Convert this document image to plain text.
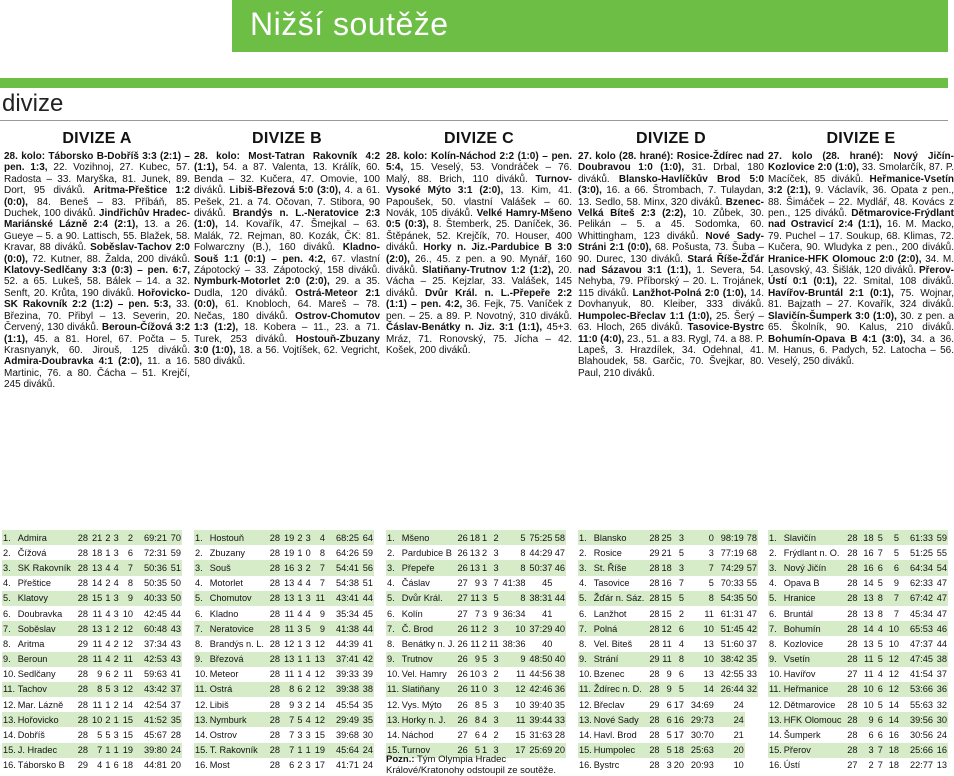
Nižší soutěže
divize
DIVIZE A
28. kolo: Táborsko B-Dobříš 3:3 (2:1) – pen. 1:3, 22. Vozihnoj, 27. Kubec, 57. Radosta – 33. Maryška, 81. Junek, 89. Dort, 95 diváků. Aritma-Přeštice 1:2 (0:0), 84. Beneš – 83. Příbáň, 85. Duchek, 100 diváků. Jindřichův Hradec-Mariánské Lázně 2:4 (2:1), 13. a 26. Gueye – 5. a 90. Lattisch, 55. Blažek, 58. Kravar, 88 diváků. Soběslav-Tachov 2:0 (0:0), 72. Kutner, 88. Žalda, 200 diváků. Klatovy-Sedlčany 3:3 (0:3) – pen. 6:7, 52. a 65. Lukeš, 58. Bálek – 14. a 32. Senft, 20. Krůta, 190 diváků. Hořovicko-SK Rakovník 2:2 (1:2) – pen. 5:3, 33. Březina, 70. Přibyl – 13. Severin, 20. Červený, 130 diváků. Beroun-Čížová 3:2 (1:1), 45. a 81. Horel, 67. Počta – 5. Krasnyanyk, 60. Jirouš, 125 diváků. Admira-Doubravka 4:1 (2:0), 11. a 16. Martinic, 76. a 80. Čácha – 51. Krejčí, 245 diváků.
DIVIZE B
28. kolo: Most-Tatran Rakovník 4:2 (1:1), 54. a 87. Valenta, 13. Králík, 60. Benda – 32. Kučera, 47. Omovie, 100 diváků. Libiš-Březová 5:0 (3:0), 4. a 61. Pešek, 21. a 74. Očovan, 7. Stibora, 90 diváků. Brandýs n. L.-Neratovice 2:3 (1:0), 14. Kovařík, 47. Šmejkal – 63. Malák, 72. Rejman, 80. Kozák, ČK: 81. Folwarczny (B.), 160 diváků. Kladno-Souš 1:1 (0:1) – pen. 4:2, 67. vlastní Zápotocký – 33. Zápotocký, 158 diváků. Nymburk-Motorlet 2:0 (2:0), 29. a 35. Dudla, 120 diváků. Ostrá-Meteor 2:1 (0:0), 61. Knobloch, 64. Mareš – 78. Nečas, 180 diváků. Ostrov-Chomutov 1:3 (1:2), 18. Kobera – 11., 23. a 71. Turek, 253 diváků. Hostouň-Zbuzany 3:0 (1:0), 18. a 56. Vojtíšek, 62. Vegricht, 580 diváků.
DIVIZE C
28. kolo: Kolín-Náchod 2:2 (1:0) – pen. 5:4, 15. Veselý, 53. Vondráček – 76. Malý, 88. Brich, 110 diváků. Turnov-Vysoké Mýto 3:1 (2:0), 13. Kim, 41. Papoušek, 50. vlastní Valášek – 60. Novák, 105 diváků. Velké Hamry-Mšeno 0:5 (0:3), 8. Štemberk, 25. Daníček, 36. Štěpánek, 52. Krejčík, 70. Houser, 400 diváků. Horky n. Jiz.-Pardubice B 3:0 (2:0), 26., 45. z pen. a 90. Mynář, 160 diváků. Slatiňany-Trutnov 1:2 (1:2), 20. Vácha – 25. Kejzlar, 33. Valášek, 145 diváků. Dvůr Král. n. L.-Přepeře 2:2 (1:1) – pen. 4:2, 36. Fejk, 75. Vaníček z pen. – 25. a 89. P. Novotný, 310 diváků. Čáslav-Benátky n. Jiz. 3:1 (1:1), 45+3. Mráz, 71. Ronovský, 75. Jícha – 42. Košek, 200 diváků.
DIVIZE D
27. kolo (28. hrané): Rosice-Ždírec nad Doubravou 1:0 (1:0), 31. Drbal, 180 diváků. Blansko-Havlíčkův Brod 5:0 (3:0), 16. a 66. Štrombach, 7. Tulaydan, 13. Sedlo, 58. Minx, 320 diváků. Bzenec-Velká Bíteš 2:3 (2:2), 10. Zůbek, 30. Pelikán – 5. a 45. Sodomka, 60. Whittingham, 123 diváků. Nové Sady-Stráni 2:1 (0:0), 68. Pošusta, 73. Šuba – 90. Durec, 130 diváků. Stará Říše-Žďár nad Sázavou 3:1 (1:1), 1. Severa, 54. Nehyba, 79. Příborský – 20. L. Trojánek, 115 diváků. Lanžhot-Polná 2:0 (1:0), 14. Dovhanyuk, 80. Kleiber, 333 diváků. Humpolec-Břeclav 1:1 (1:0), 25. Šerý – 63. Hloch, 265 diváků. Tasovice-Bystrc 11:0 (4:0), 23., 51. a 83. Rygl, 74. a 88. P. Lapeš, 3. Hrazdílek, 34. Odehnal, 41. Blahoudek, 58. Garčic, 70. Švejkar, 80. Paul, 210 diváků.
DIVIZE E
27. kolo (28. hrané): Nový Jičín-Kozlovice 2:0 (1:0), 33. Smolarčík, 87. P. Macíček, 85 diváků. Heřmanice-Vsetín 3:2 (2:1), 9. Václavík, 36. Opata z pen., 88. Šimáček – 22. Mydlář, 48. Kovács z pen., 125 diváků. Dětmarovice-Frýdlant nad Ostravicí 2:4 (1:1), 16. M. Macko, 79. Puchel – 17. Soukup, 68. Klimas, 72. Kučera, 90. Wludyka z pen., 200 diváků. Hranice-HFK Olomouc 2:0 (2:0), 34. M. Lasovský, 43. Šišlák, 120 diváků. Přerov-Ústí 0:1 (0:1), 22. Smital, 108 diváků. Havířov-Bruntál 2:1 (0:1), 75. Wojnar, 81. Bajzath – 27. Kovařík, 324 diváků. Slavičín-Šumperk 3:0 (1:0), 30. z pen. a 65. Školník, 90. Kalus, 210 diváků. Bohumín-Opava B 4:1 (3:0), 34. a 36. M. Hanus, 6. Padych, 52. Latocha – 56. Veselý, 250 diváků.
1.	Admira	28	21	2	3	2	69:21	70
2.	Čížová	28	18	1	3	6	72:31	59
3.	SK Rakovník	28	13	4	4	7	50:36	51
4.	Přeštice	28	14	2	4	8	50:35	50
5.	Klatovy	28	15	1	3	9	40:33	50
6.	Doubravka	28	11	4	3	10	42:45	44
7.	Soběslav	28	13	1	2	12	60:48	43
8.	Aritma	29	11	4	2	12	37:34	43
9.	Beroun	28	11	4	2	11	42:53	43
10.	Sedlčany	28	9	6	2	11	59:63	41
11.	Tachov	28	8	5	3	12	43:42	37
12.	Mar. Lázně	28	11	1	2	14	42:54	37
13.	Hořovicko	28	10	2	1	15	41:52	35
14.	Dobříš	28	5	5	3	15	45:67	28
15.	J. Hradec	28	7	1	1	19	39:80	24
16.	Táborsko B	29	4	1	6	18	44:81	20
1.	Hostouň	28	19	2	3	4	68:25	64
2.	Zbuzany	28	19	1	0	8	64:26	59
3.	Souš	28	16	3	2	7	54:41	56
4.	Motorlet	28	13	4	4	7	54:38	51
5.	Chomutov	28	13	1	3	11	43:41	44
6.	Kladno	28	11	4	4	9	35:34	45
7.	Neratovice	28	11	3	5	9	41:38	44
8.	Brandýs n. L.	28	12	1	3	12	44:39	41
9.	Březová	28	13	1	1	13	37:41	42
10.	Meteor	28	11	1	4	12	39:33	39
11.	Ostrá	28	8	6	2	12	39:38	38
12.	Libiš	28	9	3	2	14	45:54	35
13.	Nymburk	28	7	5	4	12	29:49	35
14.	Ostrov	28	7	3	3	15	39:68	30
15.	T. Rakovník	28	7	1	1	19	45:64	24
16.	Most	28	6	2	3	17	41:71	24
1.	Mšeno	26	18	1	2	5	75:25	58
2.	Pardubice B	26	13	2	3	8	44:29	47
3.	Přepeře	26	13	1	3	8	50:37	46
4.	Čáslav	27	9	3	7	41:38	45	
5.	Dvůr Král.	27	11	3	5	8	38:31	44
6.	Kolín	27	7	3	9	36:34	41	
7.	Č. Brod	26	11	2	3	10	37:29	40
8.	Benátky n. J.	26	11	2	11	38:36	40	
9.	Trutnov	26	9	5	3	9	48:50	40
10.	Vel. Hamry	26	10	3	2	11	44:56	38
11.	Slatiňany	26	11	0	3	12	42:46	36
12.	Vys. Mýto	26	8	5	3	10	39:40	35
13.	Horky n. J.	26	8	4	3	11	39:44	33
14.	Náchod	27	6	4	2	15	31:63	28
15.	Turnov	26	5	1	3	17	25:69	20
1.	Blansko	28	25	3	0	98:19	78
2.	Rosice	29	21	5	3	77:19	68
3.	St. Říše	28	18	3	7	74:29	57
4.	Tasovice	28	16	7	5	70:33	55
5.	Žďár n. Sáz.	28	15	5	8	54:35	50
6.	Lanžhot	28	15	2	11	61:31	47
7.	Polná	28	12	6	10	51:45	42
8.	Vel. Biteš	28	11	4	13	51:60	37
9.	Strání	29	11	8	10	38:42	35
10.	Bzenec	28	9	6	13	42:55	33
11.	Ždírec n. D.	28	9	5	14	26:44	32
12.	Břeclav	29	6	17	34:69	24	
13.	Nové Sady	28	6	16	29:73	24	
14.	Havl. Brod	28	5	17	30:70	21	
15.	Humpolec	28	5	18	25:63	20	
16.	Bystrc	28	3	20	20:93	10	
1.	Slavičín	28	18	5	5	61:33	59
2.	Frýdlant n. O.	28	16	7	5	51:25	55
3.	Nový Jičín	28	16	6	6	64:34	54
4.	Opava B	28	14	5	9	62:33	47
5.	Hranice	28	13	8	7	67:42	47
6.	Bruntál	28	13	8	7	45:34	47
7.	Bohumín	28	14	4	10	65:53	46
8.	Kozlovice	28	13	5	10	47:37	44
9.	Vsetín	28	11	5	12	47:45	38
10.	Havířov	27	11	4	12	41:54	37
11.	Heřmanice	28	10	6	12	53:66	36
12.	Dětmarovice	28	10	5	14	55:63	32
13.	HFK Olomouc	28	9	6	14	39:56	30
14.	Šumperk	28	6	6	16	30:56	24
15.	Přerov	28	3	7	18	25:66	16
16.	Ústí	27	2	7	18	22:77	13
Pozn.: Tým Olympia Hradec Králové/Kratonohy odstoupil ze soutěže.
